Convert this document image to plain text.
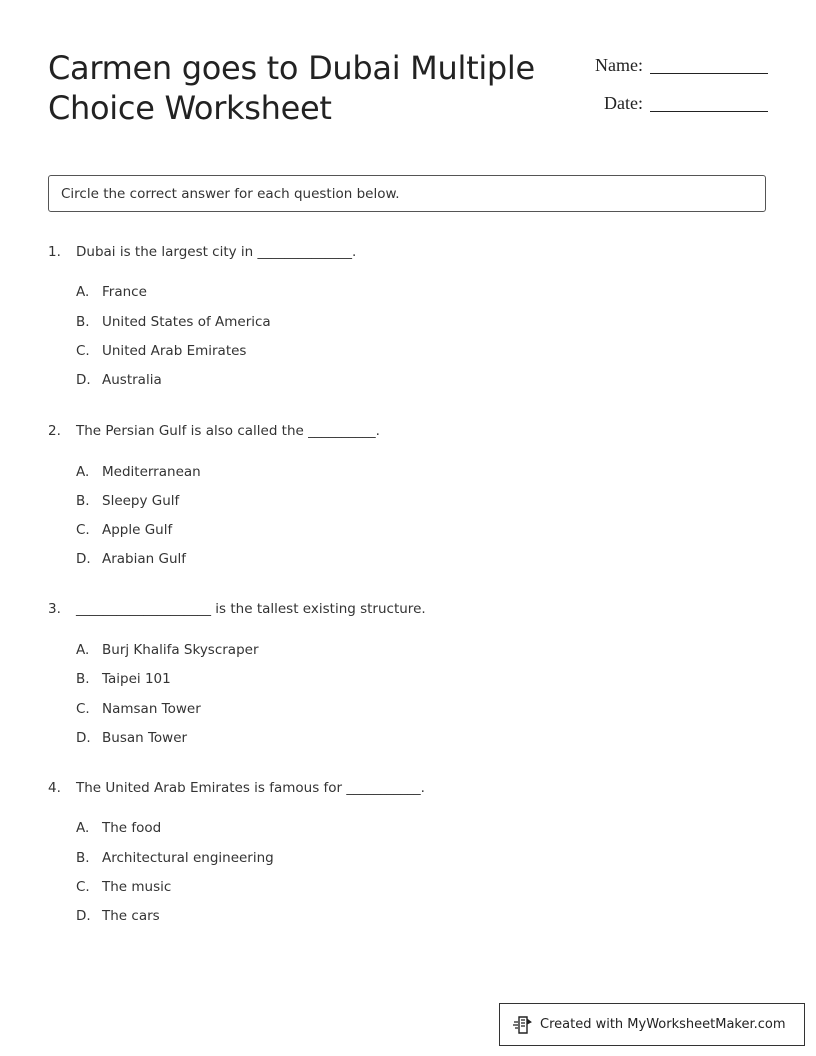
Carmen goes to Dubai Multiple Choice Worksheet
Name:
Date:
Circle the correct answer for each question below.
1. Dubai is the largest city in ______________.
A. France
B. United States of America
C. United Arab Emirates
D. Australia
2. The Persian Gulf is also called the __________.
A. Mediterranean
B. Sleepy Gulf
C. Apple Gulf
D. Arabian Gulf
3. ____________________ is the tallest existing structure.
A. Burj Khalifa Skyscraper
B. Taipei 101
C. Namsan Tower
D. Busan Tower
4. The United Arab Emirates is famous for ___________.
A. The food
B. Architectural engineering
C. The music
D. The cars
Created with MyWorksheetMaker.com
